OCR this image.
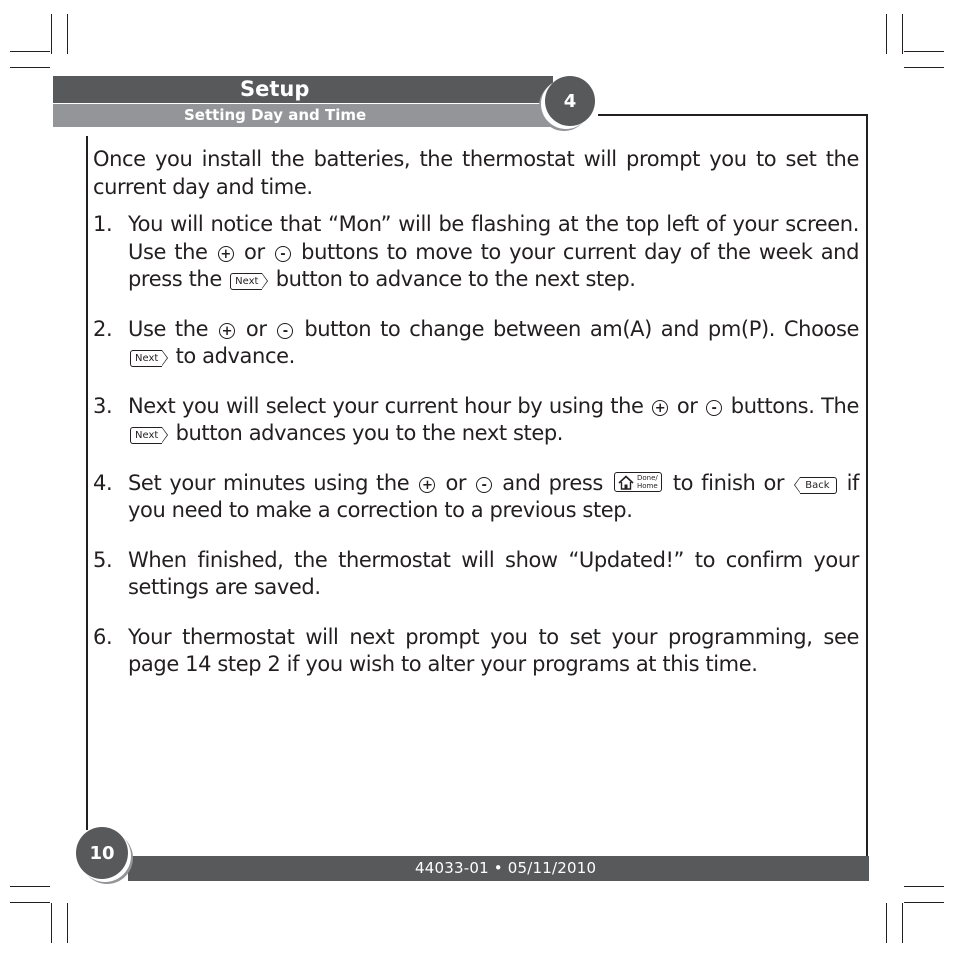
Setup
Setting Day and Time
4

Once you install the batteries, the thermostat will prompt you to set the current day and time.

1. You will notice that “Mon” will be flashing at the top left of your screen. Use the + or - buttons to move to your current day of the week and press the Next button to advance to the next step.
2. Use the + or - button to change between am(A) and pm(P). Choose Next to advance.
3. Next you will select your current hour by using the + or - buttons. The Next button advances you to the next step.
4. Set your minutes using the + or - and press	Done/
Home to finish or Back if you need to make a correction to a previous step.
5. When finished, the thermostat will show “Updated!” to confirm your settings are saved.
6. Your thermostat will next prompt you to set your programming, see page 14 step 2 if you wish to alter your programs at this time.
44033-01 • 05/11/2010
10
